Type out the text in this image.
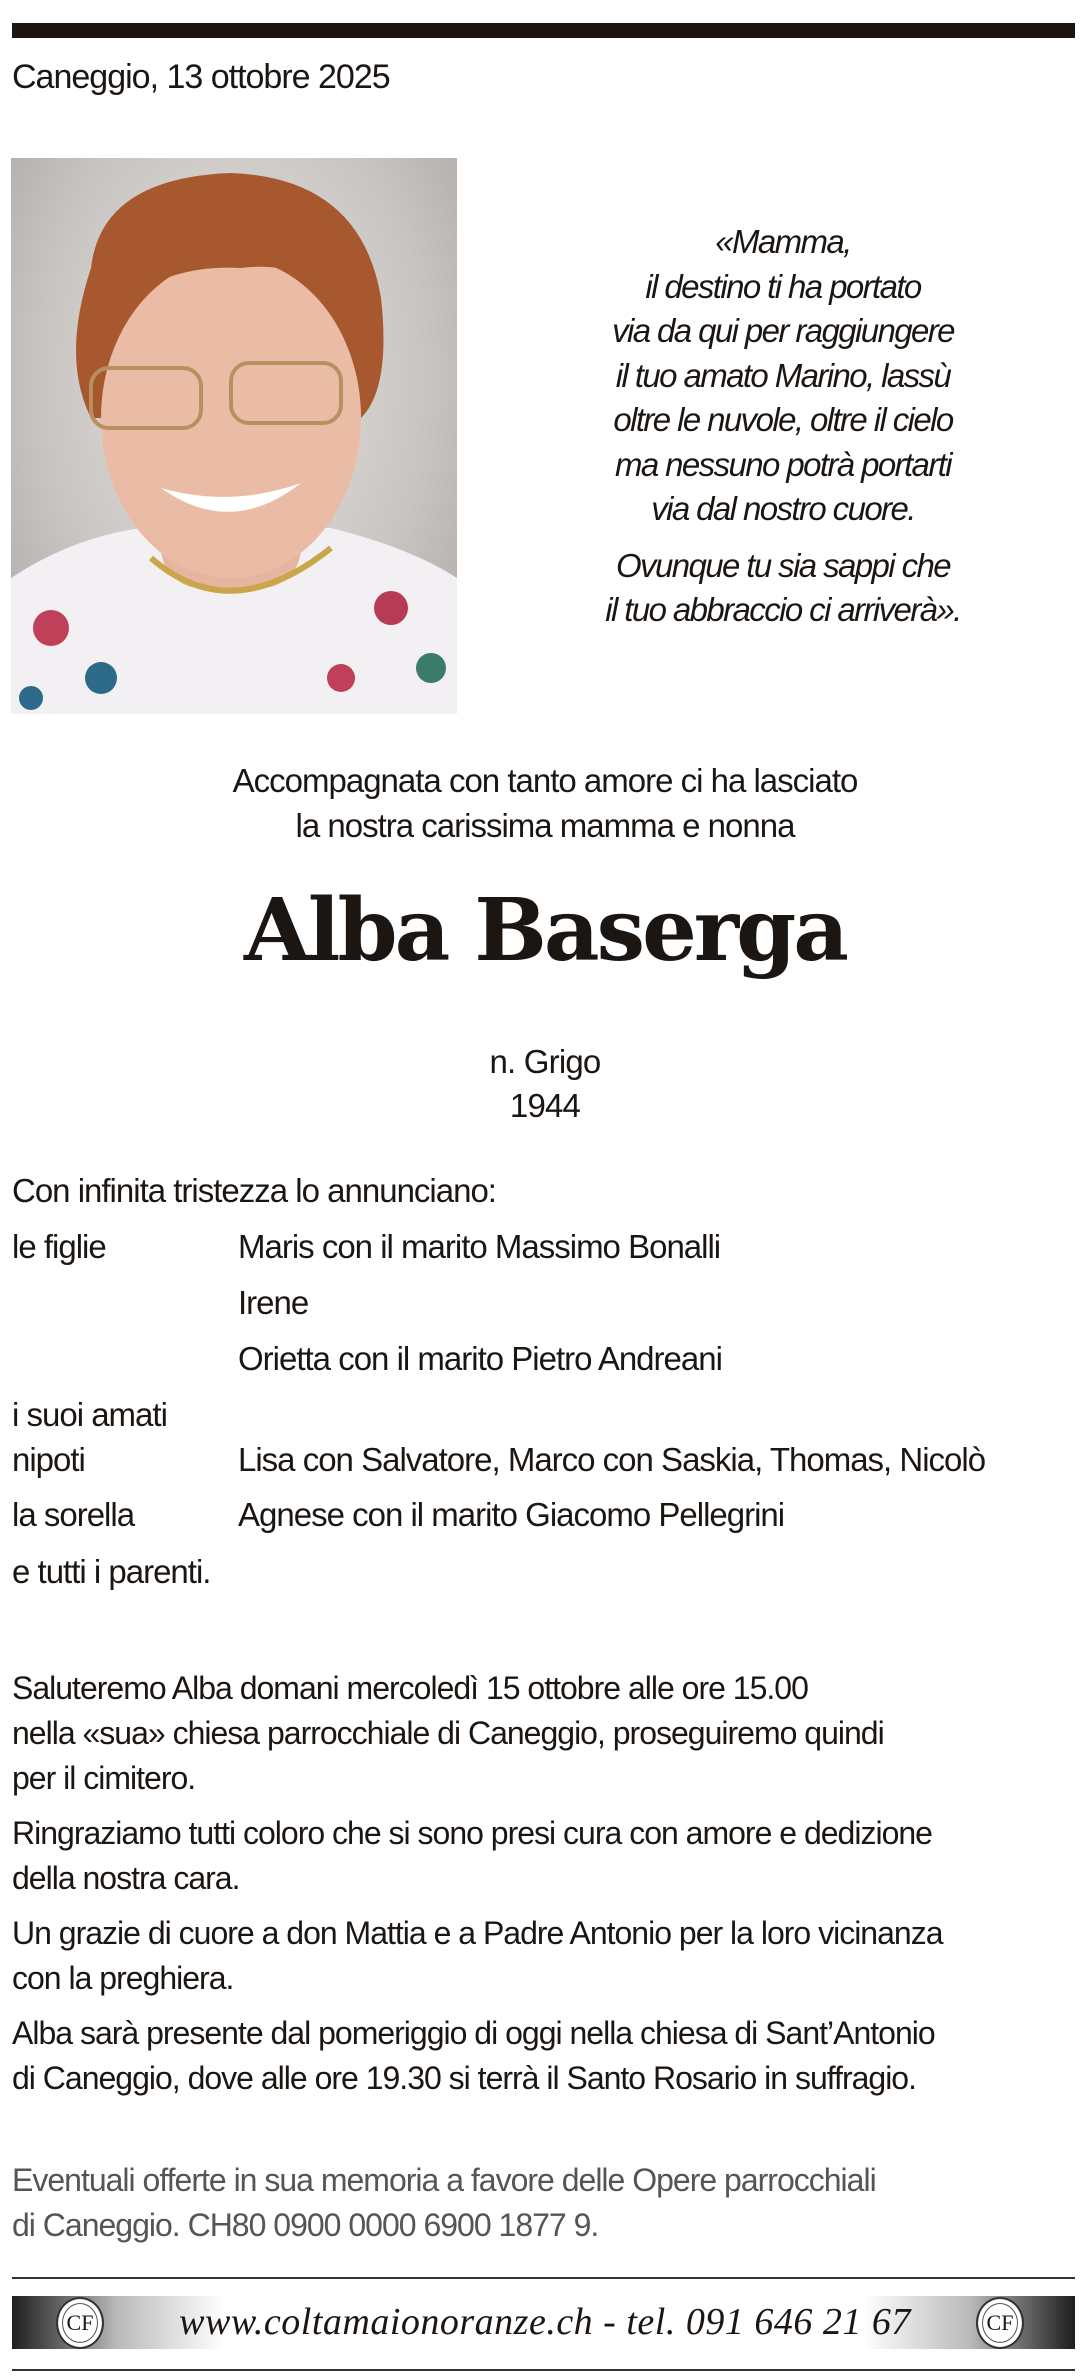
Caneggio, 13 ottobre 2025
«Mamma,
il destino ti ha portato
via da qui per raggiungere
il tuo amato Marino, lassù
oltre le nuvole, oltre il cielo
ma nessuno potrà portarti
via dal nostro cuore.
Ovunque tu sia sappi che
il tuo abbraccio ci arriverà».
Accompagnata con tanto amore ci ha lasciato
la nostra carissima mamma e nonna
Alba Baserga
n. Grigo
1944
Con infinita tristezza lo annunciano:
le figlie	Maris con il marito Massimo Bonalli
Irene
Orietta con il marito Pietro Andreani
i suoi amati
nipoti	Lisa con Salvatore, Marco con Saskia, Thomas, Nicolò
la sorella	Agnese con il marito Giacomo Pellegrini
e tutti i parenti.

Saluteremo Alba domani mercoledì 15 ottobre alle ore 15.00
nella «sua» chiesa parrocchiale di Caneggio, proseguiremo quindi
per il cimitero.

Ringraziamo tutti coloro che si sono presi cura con amore e dedizione
della nostra cara.

Un grazie di cuore a don Mattia e a Padre Antonio per la loro vicinanza
con la preghiera.

Alba sarà presente dal pomeriggio di oggi nella chiesa di Sant’Antonio
di Caneggio, dove alle ore 19.30 si terrà il Santo Rosario in suffragio.

Eventuali offerte in sua memoria a favore delle Opere parrocchiali
di Caneggio. CH80 0900 0000 6900 1877 9.
CF	CF
www.coltamaionoranze.ch - tel. 091 646 21 67
